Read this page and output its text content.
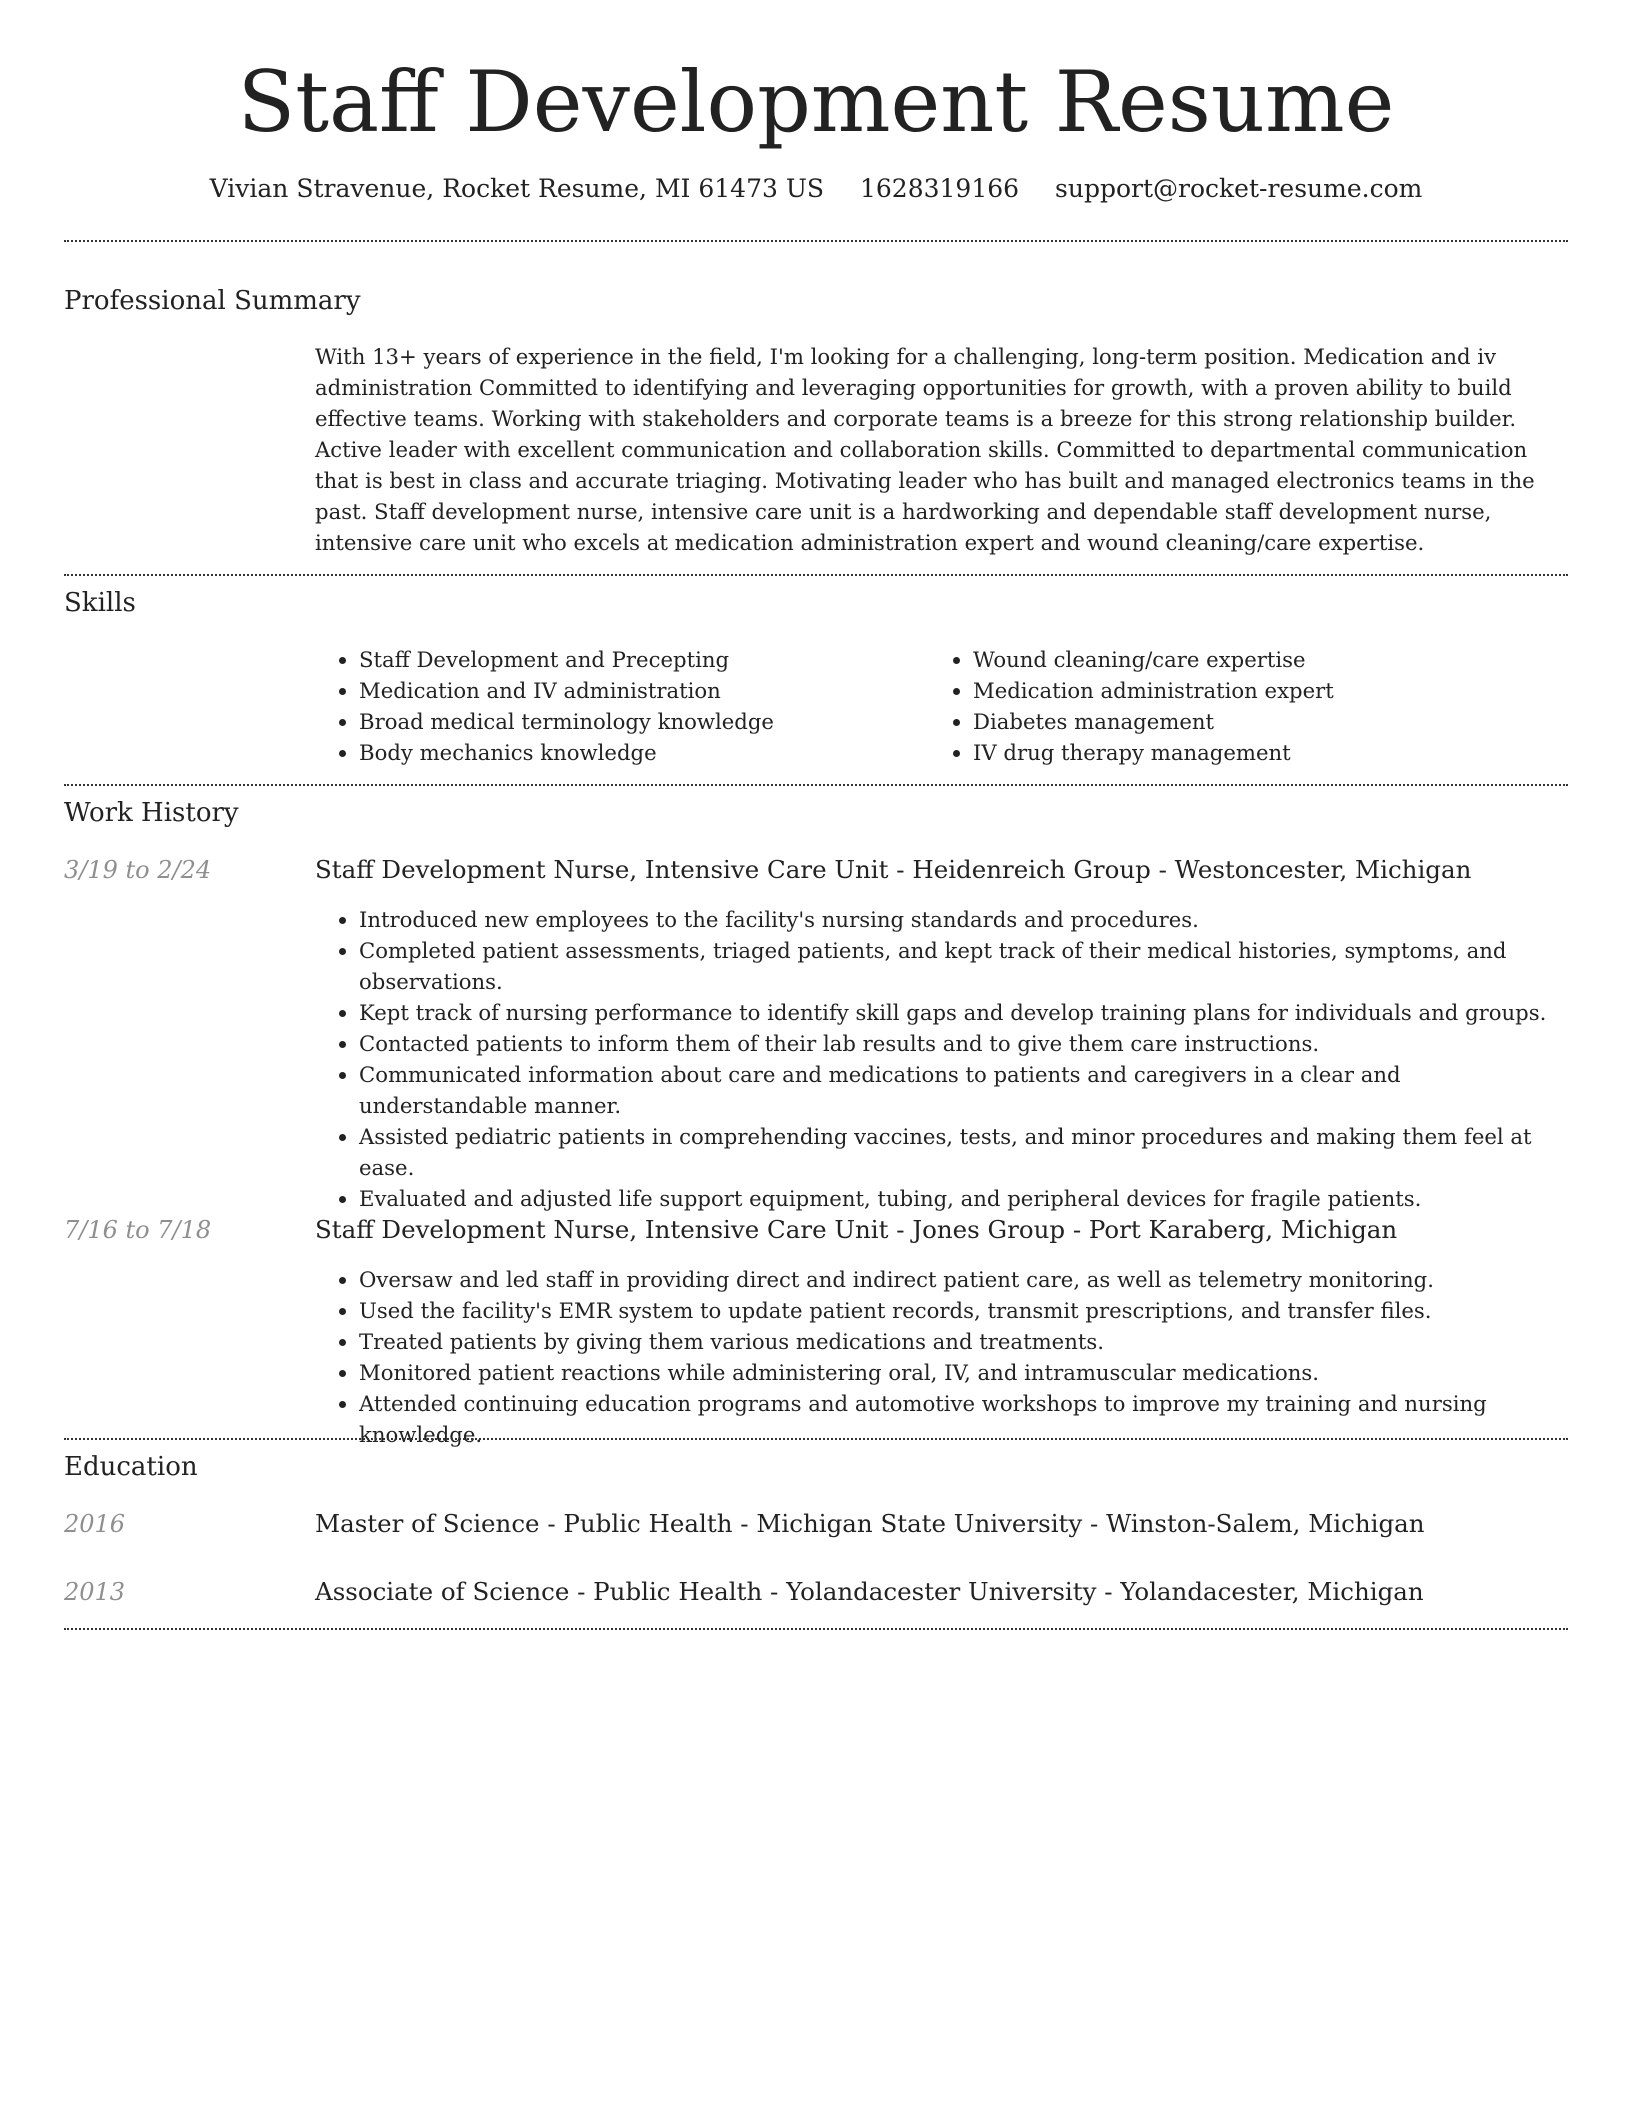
Staff Development Resume
Vivian Stravenue, Rocket Resume, MI 61473 US 1628319166 support@rocket-resume.com
Professional Summary
With 13+ years of experience in the field, I'm looking for a challenging, long-term position. Medication and iv administration Committed to identifying and leveraging opportunities for growth, with a proven ability to build effective teams. Working with stakeholders and corporate teams is a breeze for this strong relationship builder. Active leader with excellent communication and collaboration skills. Committed to departmental communication that is best in class and accurate triaging. Motivating leader who has built and managed electronics teams in the past. Staff development nurse, intensive care unit is a hardworking and dependable staff development nurse, intensive care unit who excels at medication administration expert and wound cleaning/care expertise.
Skills
• Staff Development and Precepting
• Medication and IV administration
• Broad medical terminology knowledge
• Body mechanics knowledge
• Wound cleaning/care expertise
• Medication administration expert
• Diabetes management
• IV drug therapy management
Work History
3/19 to 2/24	Staff Development Nurse, Intensive Care Unit - Heidenreich Group - Westoncester, Michigan
• Introduced new employees to the facility's nursing standards and procedures.
• Completed patient assessments, triaged patients, and kept track of their medical histories, symptoms, and observations.
• Kept track of nursing performance to identify skill gaps and develop training plans for individuals and groups.
• Contacted patients to inform them of their lab results and to give them care instructions.
• Communicated information about care and medications to patients and caregivers in a clear and understandable manner.
• Assisted pediatric patients in comprehending vaccines, tests, and minor procedures and making them feel at ease.
• Evaluated and adjusted life support equipment, tubing, and peripheral devices for fragile patients.
7/16 to 7/18	Staff Development Nurse, Intensive Care Unit - Jones Group - Port Karaberg, Michigan
• Oversaw and led staff in providing direct and indirect patient care, as well as telemetry monitoring.
• Used the facility's EMR system to update patient records, transmit prescriptions, and transfer files.
• Treated patients by giving them various medications and treatments.
• Monitored patient reactions while administering oral, IV, and intramuscular medications.
• Attended continuing education programs and automotive workshops to improve my training and nursing knowledge.
Education
2016	Master of Science - Public Health - Michigan State University - Winston-Salem, Michigan
2013	Associate of Science - Public Health - Yolandacester University - Yolandacester, Michigan
